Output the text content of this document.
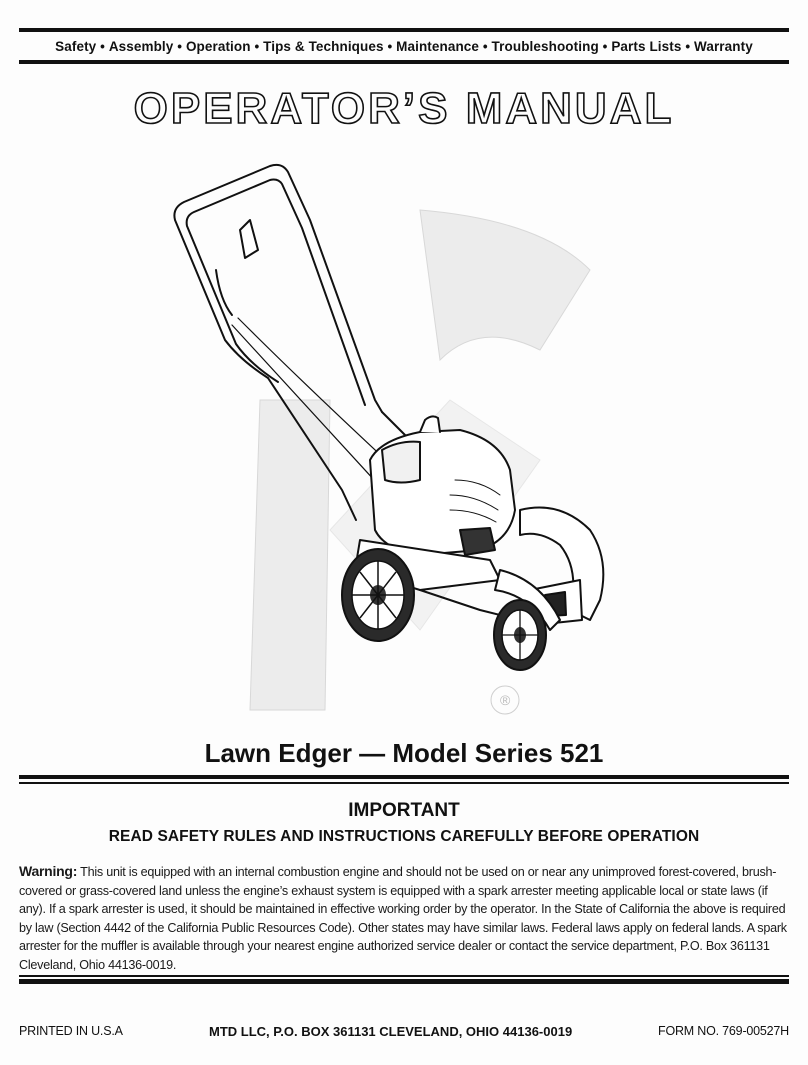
Safety • Assembly • Operation • Tips & Techniques • Maintenance • Troubleshooting • Parts Lists • Warranty
OPERATOR’S MANUAL
®
Lawn Edger — Model Series 521
IMPORTANT
READ SAFETY RULES AND INSTRUCTIONS CAREFULLY BEFORE OPERATION
Warning: This unit is equipped with an internal combustion engine and should not be used on or near any unimproved forest-covered, brush-covered or grass-covered land unless the engine’s exhaust system is equipped with a spark arrester meeting applicable local or state laws (if any). If a spark arrester is used, it should be maintained in effective working order by the operator. In the State of California the above is required by law (Section 4442 of the California Public Resources Code). Other states may have similar laws. Federal laws apply on federal lands. A spark arrester for the muffler is available through your nearest engine authorized service dealer or contact the service department, P.O. Box 361131 Cleveland, Ohio 44136-0019.
PRINTED IN U.S.A	MTD LLC, P.O. BOX 361131 CLEVELAND, OHIO 44136-0019	FORM NO. 769-00527H
